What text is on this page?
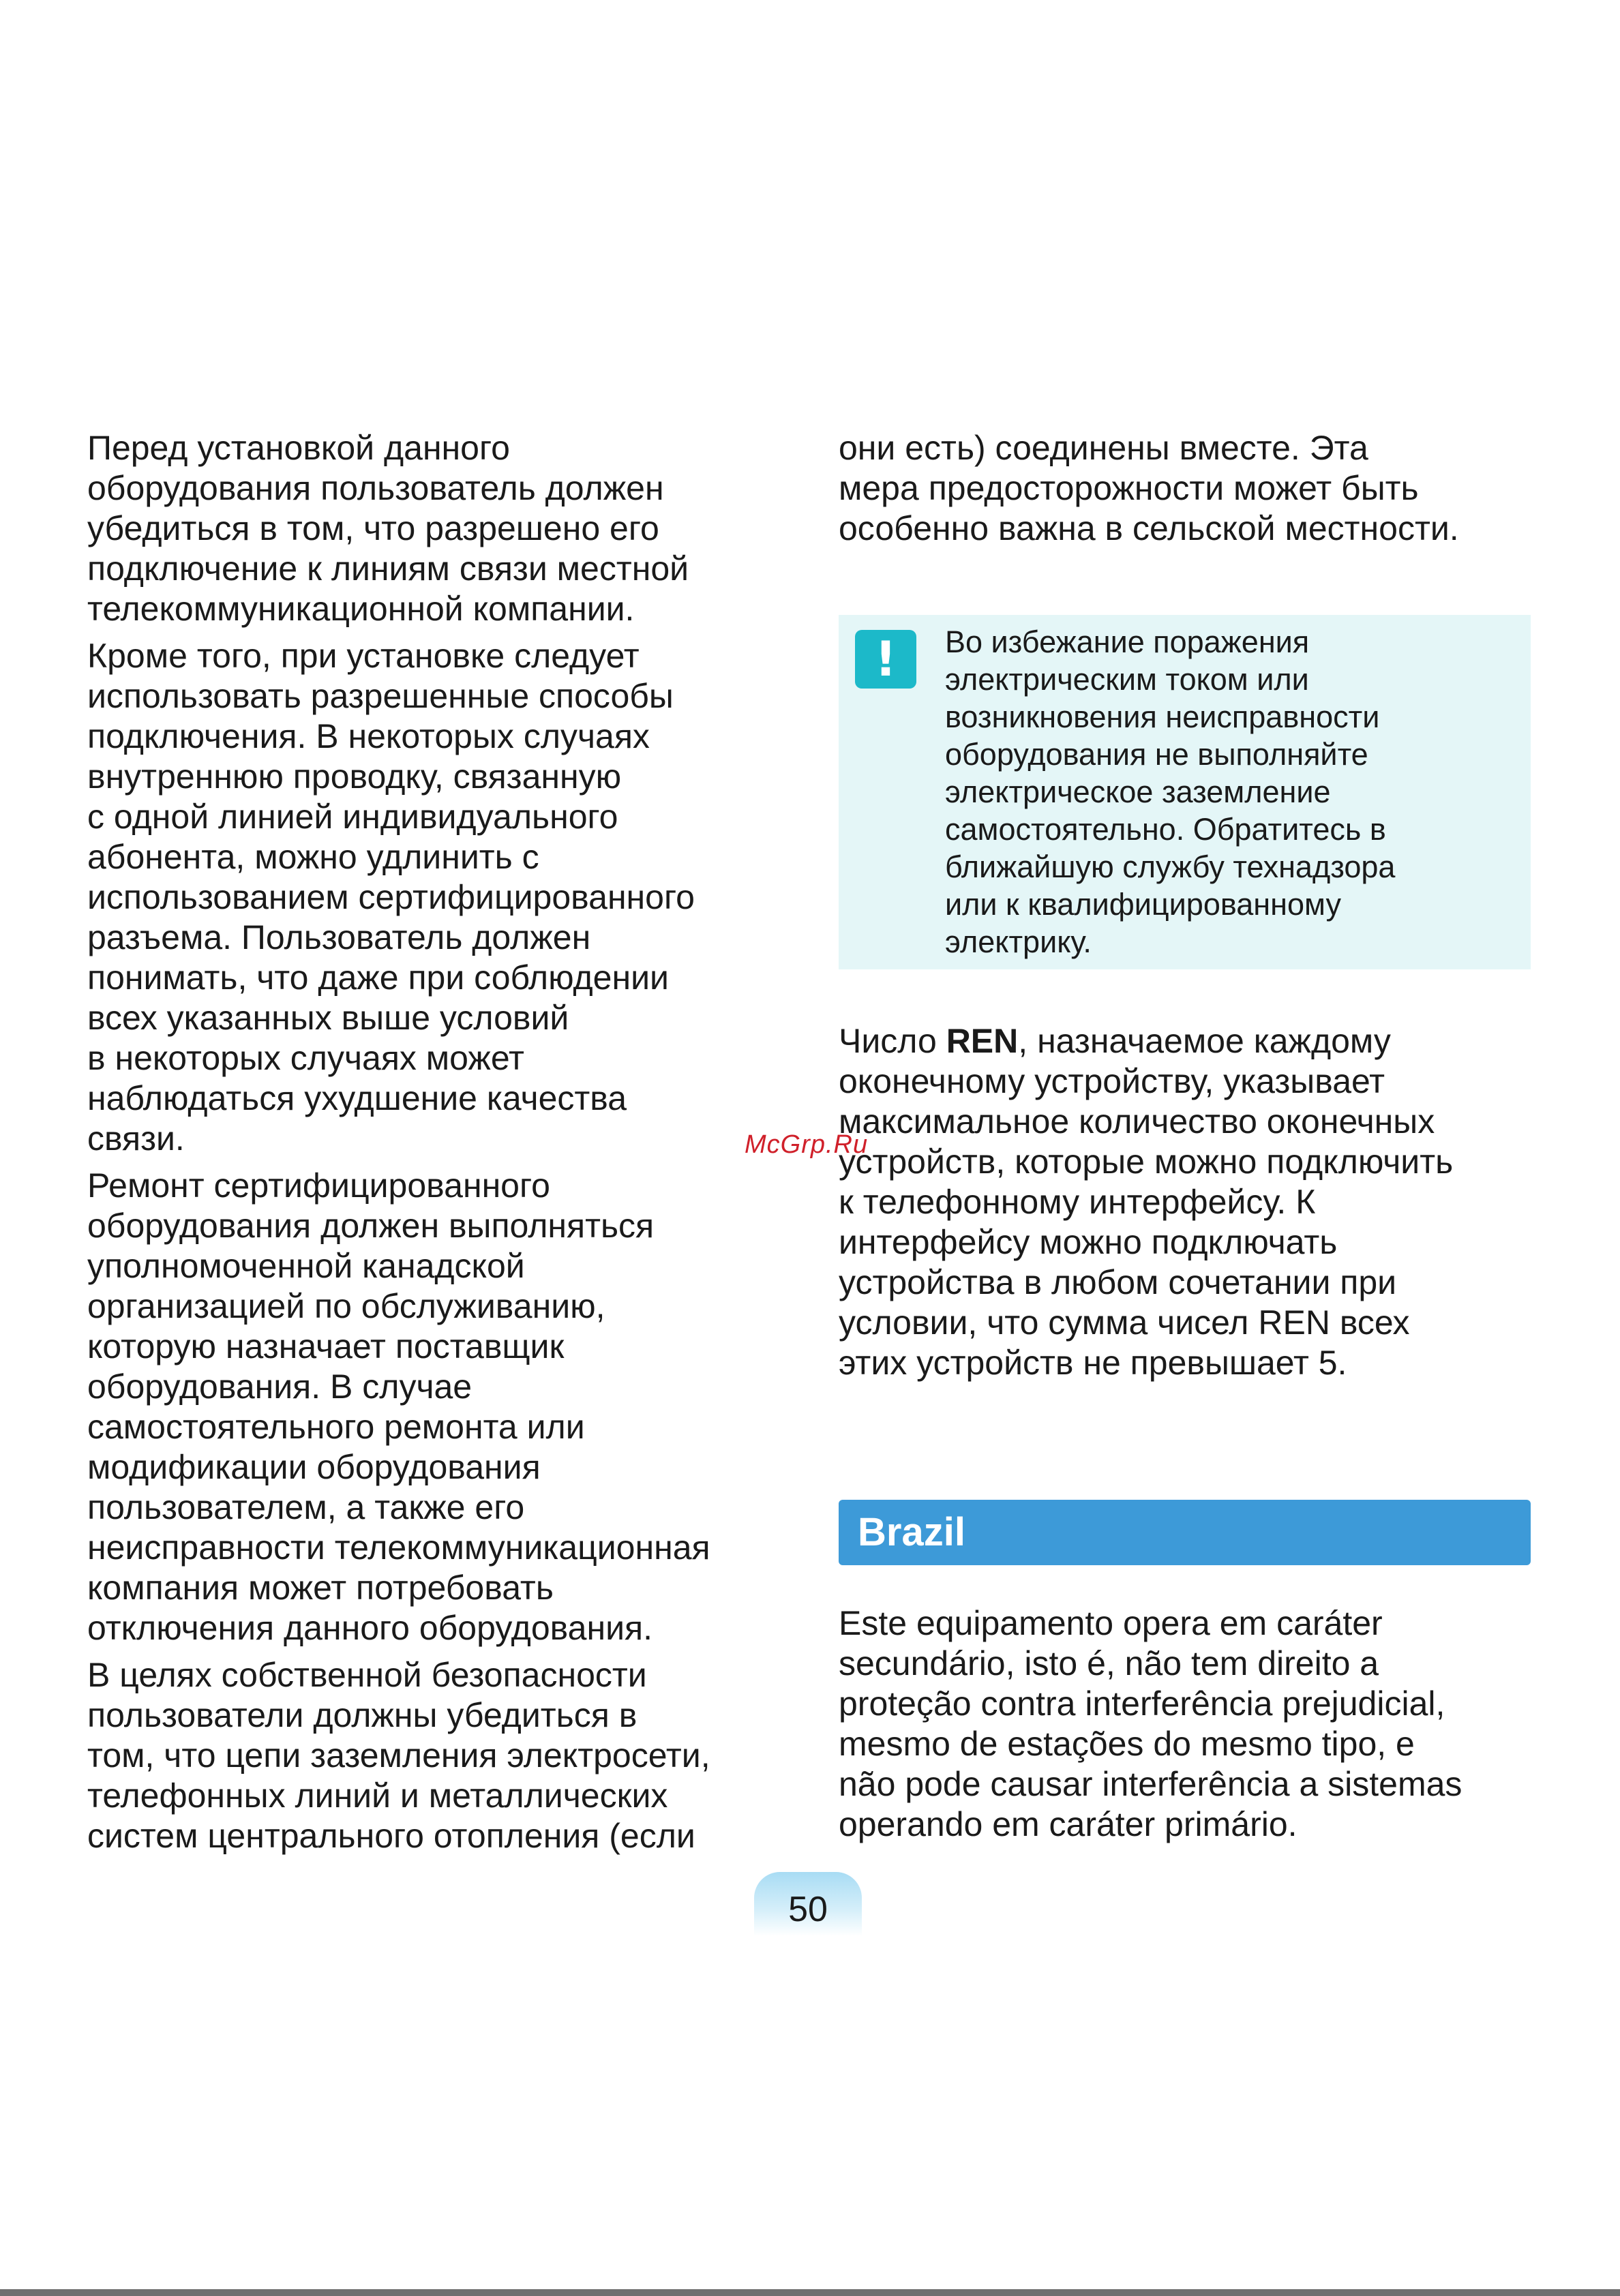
Перед установкой данного
оборудования пользователь должен
убедиться в том, что разрешено его
подключение к линиям связи местной
телекоммуникационной компании.

Кроме того, при установке следует
использовать разрешенные способы
подключения. В некоторых случаях
внутреннюю проводку, связанную
с одной линией индивидуального
абонента, можно удлинить с
использованием сертифицированного
разъема. Пользователь должен
понимать, что даже при соблюдении
всех указанных выше условий
в некоторых случаях может
наблюдаться ухудшение качества
связи.

Ремонт сертифицированного
оборудования должен выполняться
уполномоченной канадской
организацией по обслуживанию,
которую назначает поставщик
оборудования. В случае
самостоятельного ремонта или
модификации оборудования
пользователем, а также его
неисправности телекоммуникационная
компания может потребовать
отключения данного оборудования.

В целях собственной безопасности
пользователи должны убедиться в
том, что цепи заземления электросети,
телефонных линий и металлических
систем центрального отопления (если

они есть) соединены вместе. Эта
мера предосторожности может быть
особенно важна в сельской местности.

!	Во избежание поражения
электрическим током или
возникновения неисправности
оборудования не выполняйте
электрическое заземление
самостоятельно. Обратитесь в
ближайшую службу технадзора
или к квалифицированному
электрику.

Число REN, назначаемое каждому
оконечному устройству, указывает
максимальное количество оконечных
устройств, которые можно подключить
к телефонному интерфейсу. К
интерфейсу можно подключать
устройства в любом сочетании при
условии, что сумма чисел REN всех
этих устройств не превышает 5.

Brazil

Este equipamento opera em caráter
secundário, isto é, não tem direito a
proteção contra interferência prejudicial,
mesmo de estações do mesmo tipo, e
não pode causar interferência a sistemas
operando em caráter primário.

McGrp.Ru
50
